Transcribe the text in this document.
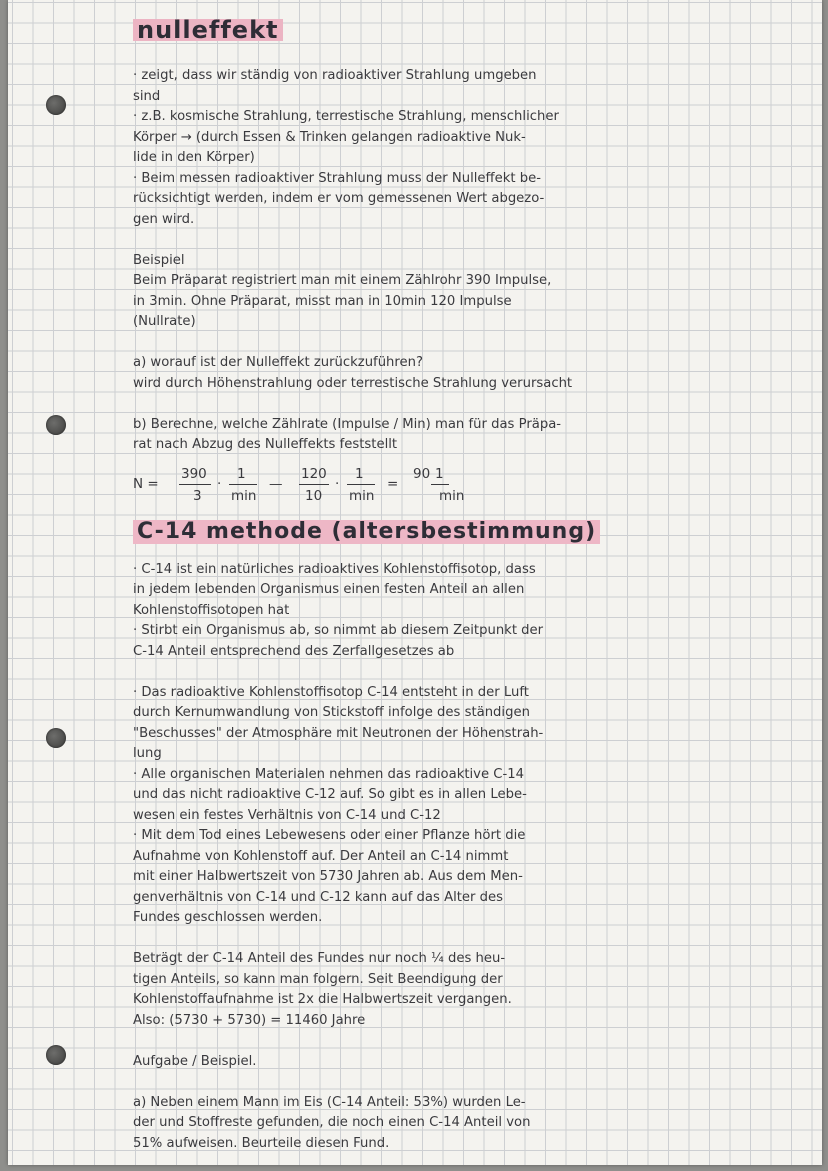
nulleffekt
· zeigt, dass wir ständig von radioaktiver Strahlung umgeben
sind
· z.B. kosmische Strahlung, terrestische Strahlung, menschlicher
Körper → (durch Essen & Trinken gelangen radioaktive Nuk-
lide in den Körper)
· Beim messen radioaktiver Strahlung muss der Nulleffekt be-
rücksichtigt werden, indem er vom gemessenen Wert abgezo-
gen wird.
Beispiel
Beim Präparat registriert man mit einem Zählrohr 390 Impulse,
in 3min. Ohne Präparat, misst man in 10min 120 Impulse
(Nullrate)
a) worauf ist der Nulleffekt zurückzuführen?
wird durch Höhenstrahlung oder terrestische Strahlung verursacht
b) Berechne, welche Zählrate (Impulse / Min) man für das Präpa-
rat nach Abzug des Nulleffekts feststellt
N =
390
3
·
1
min
—
120
10
·
1
min
=
90 1
min
C-14 methode (altersbestimmung)
· C-14 ist ein natürliches radioaktives Kohlenstoffisotop, dass
in jedem lebenden Organismus einen festen Anteil an allen
Kohlenstoffisotopen hat
· Stirbt ein Organismus ab, so nimmt ab diesem Zeitpunkt der
C-14 Anteil entsprechend des Zerfallgesetzes ab
· Das radioaktive Kohlenstoffisotop C-14 entsteht in der Luft
durch Kernumwandlung von Stickstoff infolge des ständigen
"Beschusses" der Atmosphäre mit Neutronen der Höhenstrah-
lung
· Alle organischen Materialen nehmen das radioaktive C-14
und das nicht radioaktive C-12 auf. So gibt es in allen Lebe-
wesen ein festes Verhältnis von C-14 und C-12
· Mit dem Tod eines Lebewesens oder einer Pflanze hört die
Aufnahme von Kohlenstoff auf. Der Anteil an C-14 nimmt
mit einer Halbwertszeit von 5730 Jahren ab. Aus dem Men-
genverhältnis von C-14 und C-12 kann auf das Alter des
Fundes geschlossen werden.
Beträgt der C-14 Anteil des Fundes nur noch ¼ des heu-
tigen Anteils, so kann man folgern. Seit Beendigung der
Kohlenstoffaufnahme ist 2x die Halbwertszeit vergangen.
Also: (5730 + 5730) = 11460 Jahre
Aufgabe / Beispiel.
a) Neben einem Mann im Eis (C-14 Anteil: 53%) wurden Le-
der und Stoffreste gefunden, die noch einen C-14 Anteil von
51% aufweisen. Beurteile diesen Fund.
